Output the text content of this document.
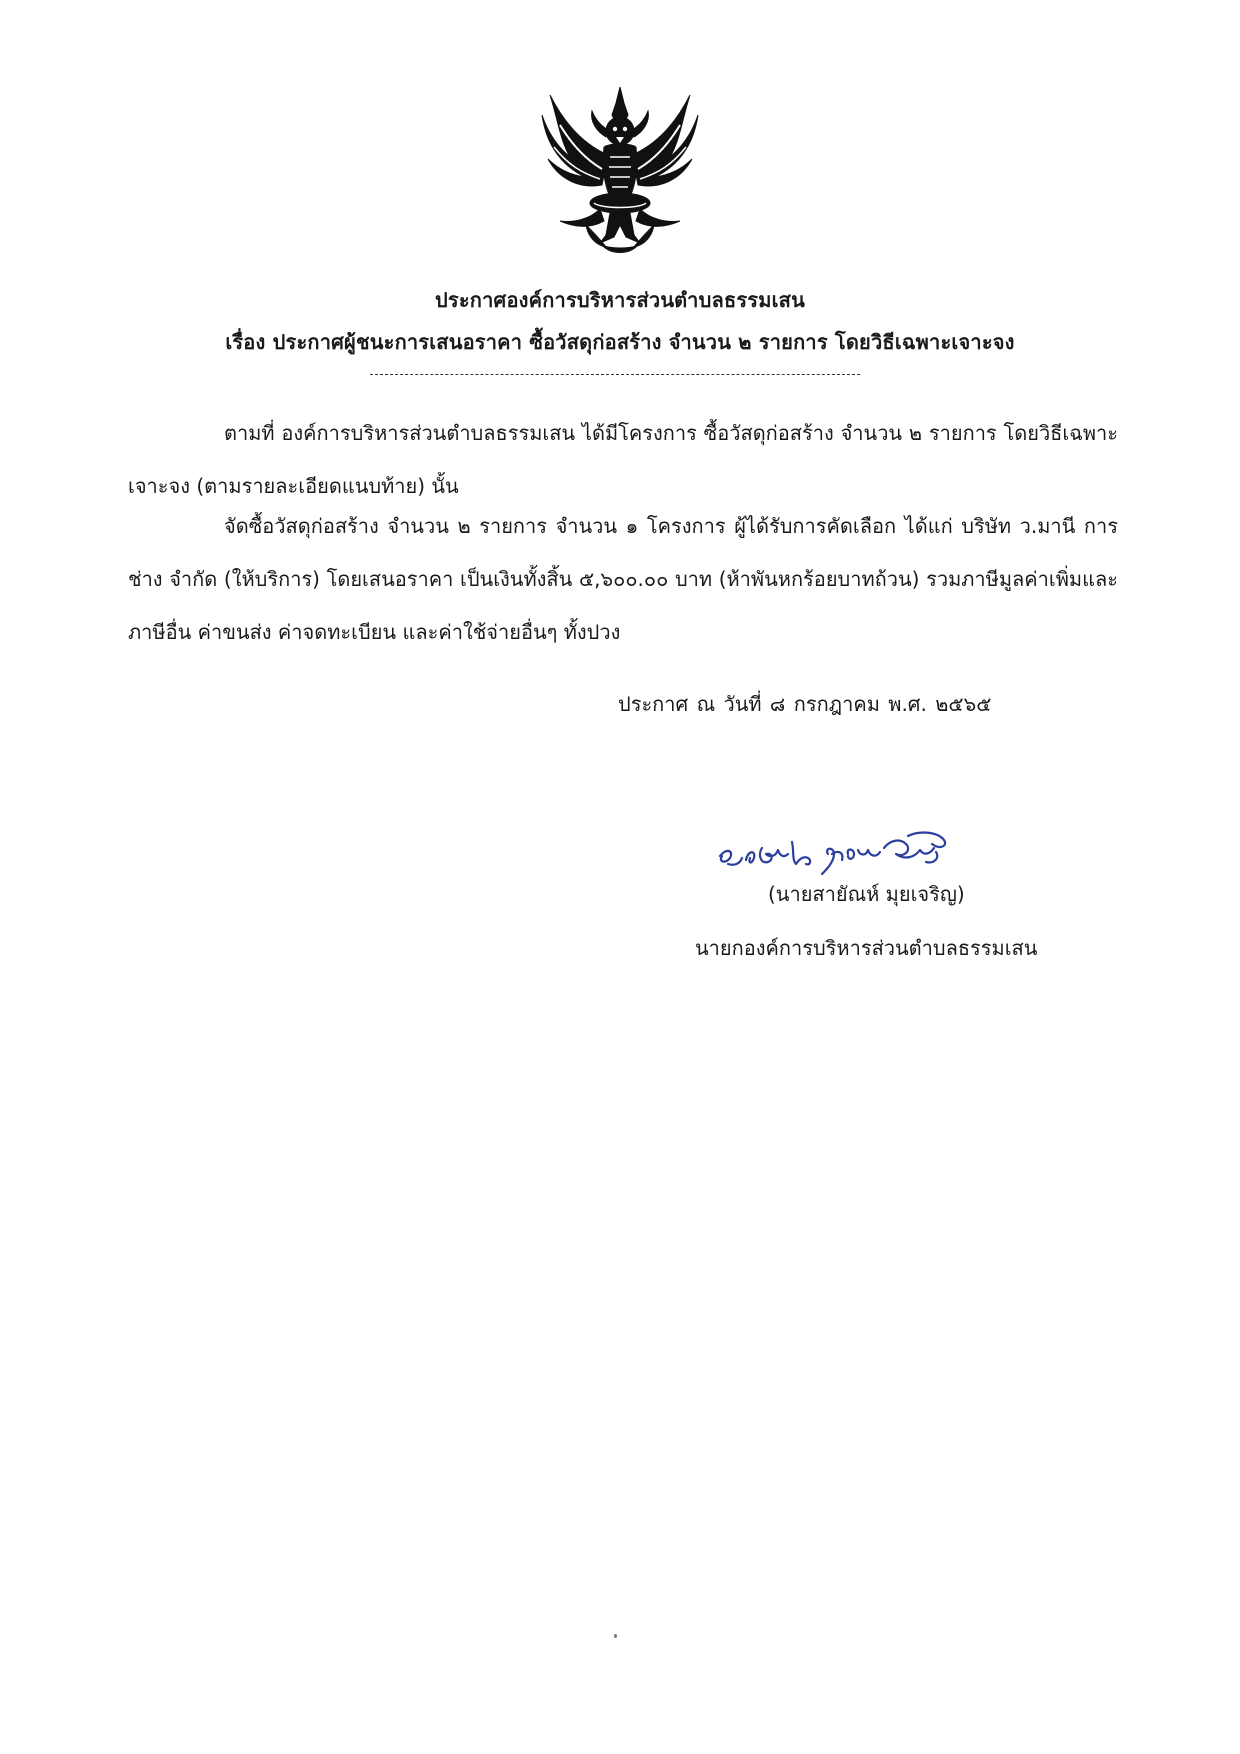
ประกาศองค์การบริหารส่วนตำบลธรรมเสน
เรื่อง ประกาศผู้ชนะการเสนอราคา ซื้อวัสดุก่อสร้าง จำนวน ๒ รายการ โดยวิธีเฉพาะเจาะจง
ตามที่ องค์การบริหารส่วนตำบลธรรมเสน ได้มีโครงการ ซื้อวัสดุก่อสร้าง จำนวน ๒ รายการ โดยวิธีเฉพาะเจาะจง (ตามรายละเอียดแนบท้าย) นั้น
จัดซื้อวัสดุก่อสร้าง จำนวน ๒ รายการ จำนวน ๑ โครงการ ผู้ได้รับการคัดเลือก ได้แก่ บริษัท ว.มานี การช่าง จำกัด (ให้บริการ) โดยเสนอราคา เป็นเงินทั้งสิ้น ๕,๖๐๐.๐๐ บาท (ห้าพันหกร้อยบาทถ้วน) รวมภาษีมูลค่าเพิ่มและภาษีอื่น ค่าขนส่ง ค่าจดทะเบียน และค่าใช้จ่ายอื่นๆ ทั้งปวง
ประกาศ ณ วันที่ ๘ กรกฎาคม พ.ศ. ๒๕๖๕
(นายสายัณห์ มุยเจริญ)
นายกองค์การบริหารส่วนตำบลธรรมเสน
